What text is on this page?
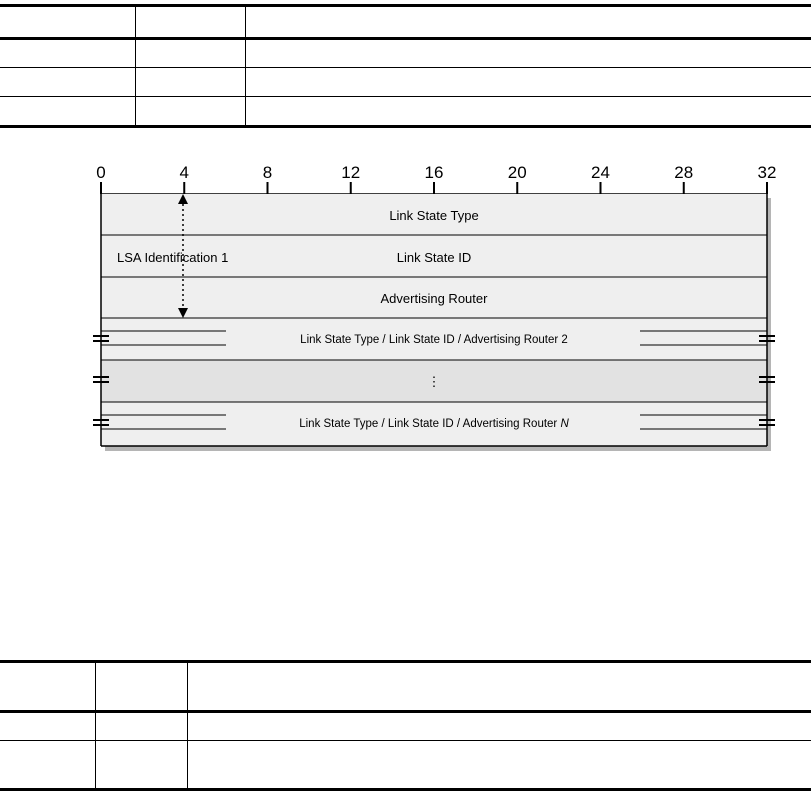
0	4	8	12	16	20	24	28	32
Link State Type
Link State ID
Advertising Router
LSA Identification 1
Link State Type / Link State ID / Advertising Router 2
⋮
Link State Type / Link State ID / Advertising Router N
